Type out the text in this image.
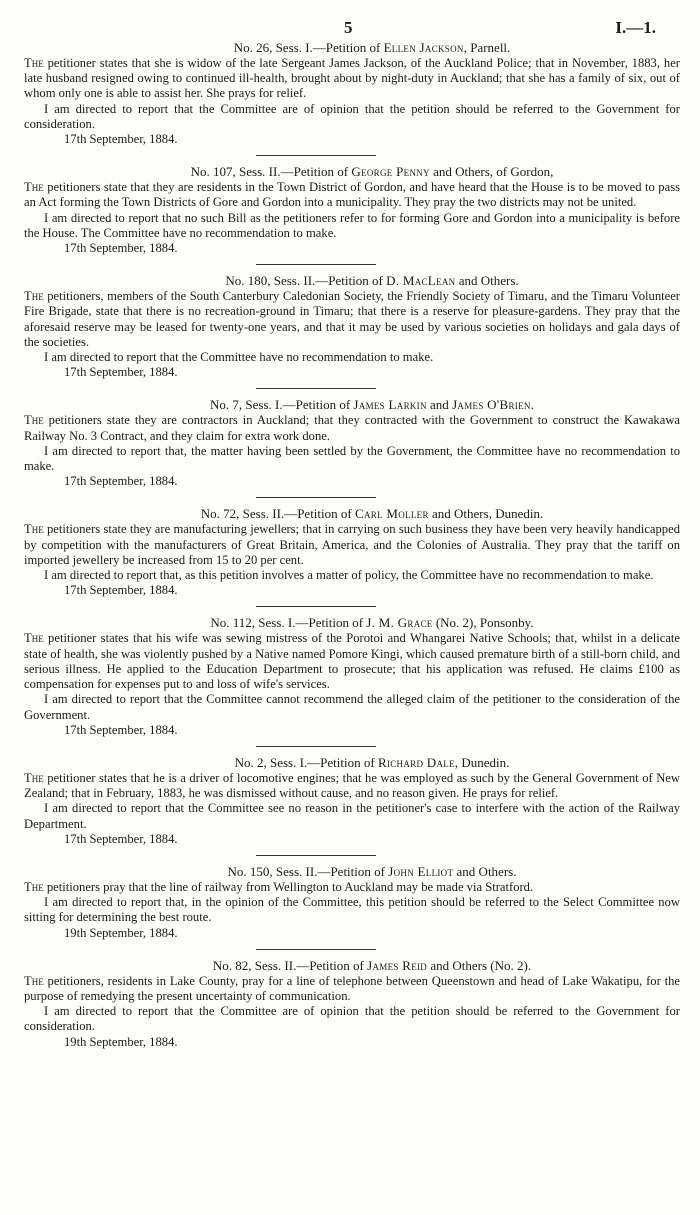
5	I.—1.

No. 26, Sess. I.—Petition of Ellen Jackson, Parnell.

The petitioner states that she is widow of the late Sergeant James Jackson, of the Auckland Police; that in November, 1883, her late husband resigned owing to continued ill-health, brought about by night-duty in Auckland; that she has a family of six, out of whom only one is able to assist her. She prays for relief.

I am directed to report that the Committee are of opinion that the petition should be referred to the Government for consideration.

17th September, 1884.

No. 107, Sess. II.—Petition of George Penny and Others, of Gordon,

The petitioners state that they are residents in the Town District of Gordon, and have heard that the House is to be moved to pass an Act forming the Town Districts of Gore and Gordon into a municipality. They pray the two districts may not be united.

I am directed to report that no such Bill as the petitioners refer to for forming Gore and Gordon into a municipality is before the House. The Committee have no recommendation to make.

17th September, 1884.

No. 180, Sess. II.—Petition of D. MacLean and Others.

The petitioners, members of the South Canterbury Caledonian Society, the Friendly Society of Timaru, and the Timaru Volunteer Fire Brigade, state that there is no recreation-ground in Timaru; that there is a reserve for pleasure-gardens. They pray that the aforesaid reserve may be leased for twenty-one years, and that it may be used by various societies on holidays and gala days of the societies.

I am directed to report that the Committee have no recommendation to make.

17th September, 1884.

No. 7, Sess. I.—Petition of James Larkin and James O'Brien.

The petitioners state they are contractors in Auckland; that they contracted with the Government to construct the Kawakawa Railway No. 3 Contract, and they claim for extra work done.

I am directed to report that, the matter having been settled by the Government, the Committee have no recommendation to make.

17th September, 1884.

No. 72, Sess. II.—Petition of Carl Moller and Others, Dunedin.

The petitioners state they are manufacturing jewellers; that in carrying on such business they have been very heavily handicapped by competition with the manufacturers of Great Britain, America, and the Colonies of Australia. They pray that the tariff on imported jewellery be increased from 15 to 20 per cent.

I am directed to report that, as this petition involves a matter of policy, the Committee have no recommendation to make.

17th September, 1884.

No. 112, Sess. I.—Petition of J. M. Grace (No. 2), Ponsonby.

The petitioner states that his wife was sewing mistress of the Porotoi and Whangarei Native Schools; that, whilst in a delicate state of health, she was violently pushed by a Native named Pomore Kingi, which caused premature birth of a still-born child, and serious illness. He applied to the Education Department to prosecute; that his application was refused. He claims £100 as compensation for expenses put to and loss of wife's services.

I am directed to report that the Committee cannot recommend the alleged claim of the petitioner to the consideration of the Government.

17th September, 1884.

No. 2, Sess. I.—Petition of Richard Dale, Dunedin.

The petitioner states that he is a driver of locomotive engines; that he was employed as such by the General Government of New Zealand; that in February, 1883, he was dismissed without cause, and no reason given. He prays for relief.

I am directed to report that the Committee see no reason in the petitioner's case to interfere with the action of the Railway Department.

17th September, 1884.

No. 150, Sess. II.—Petition of John Elliot and Others.

The petitioners pray that the line of railway from Wellington to Auckland may be made via Stratford.

I am directed to report that, in the opinion of the Committee, this petition should be referred to the Select Committee now sitting for determining the best route.

19th September, 1884.

No. 82, Sess. II.—Petition of James Reid and Others (No. 2).

The petitioners, residents in Lake County, pray for a line of telephone between Queenstown and head of Lake Wakatipu, for the purpose of remedying the present uncertainty of communication.

I am directed to report that the Committee are of opinion that the petition should be referred to the Government for consideration.

19th September, 1884.
